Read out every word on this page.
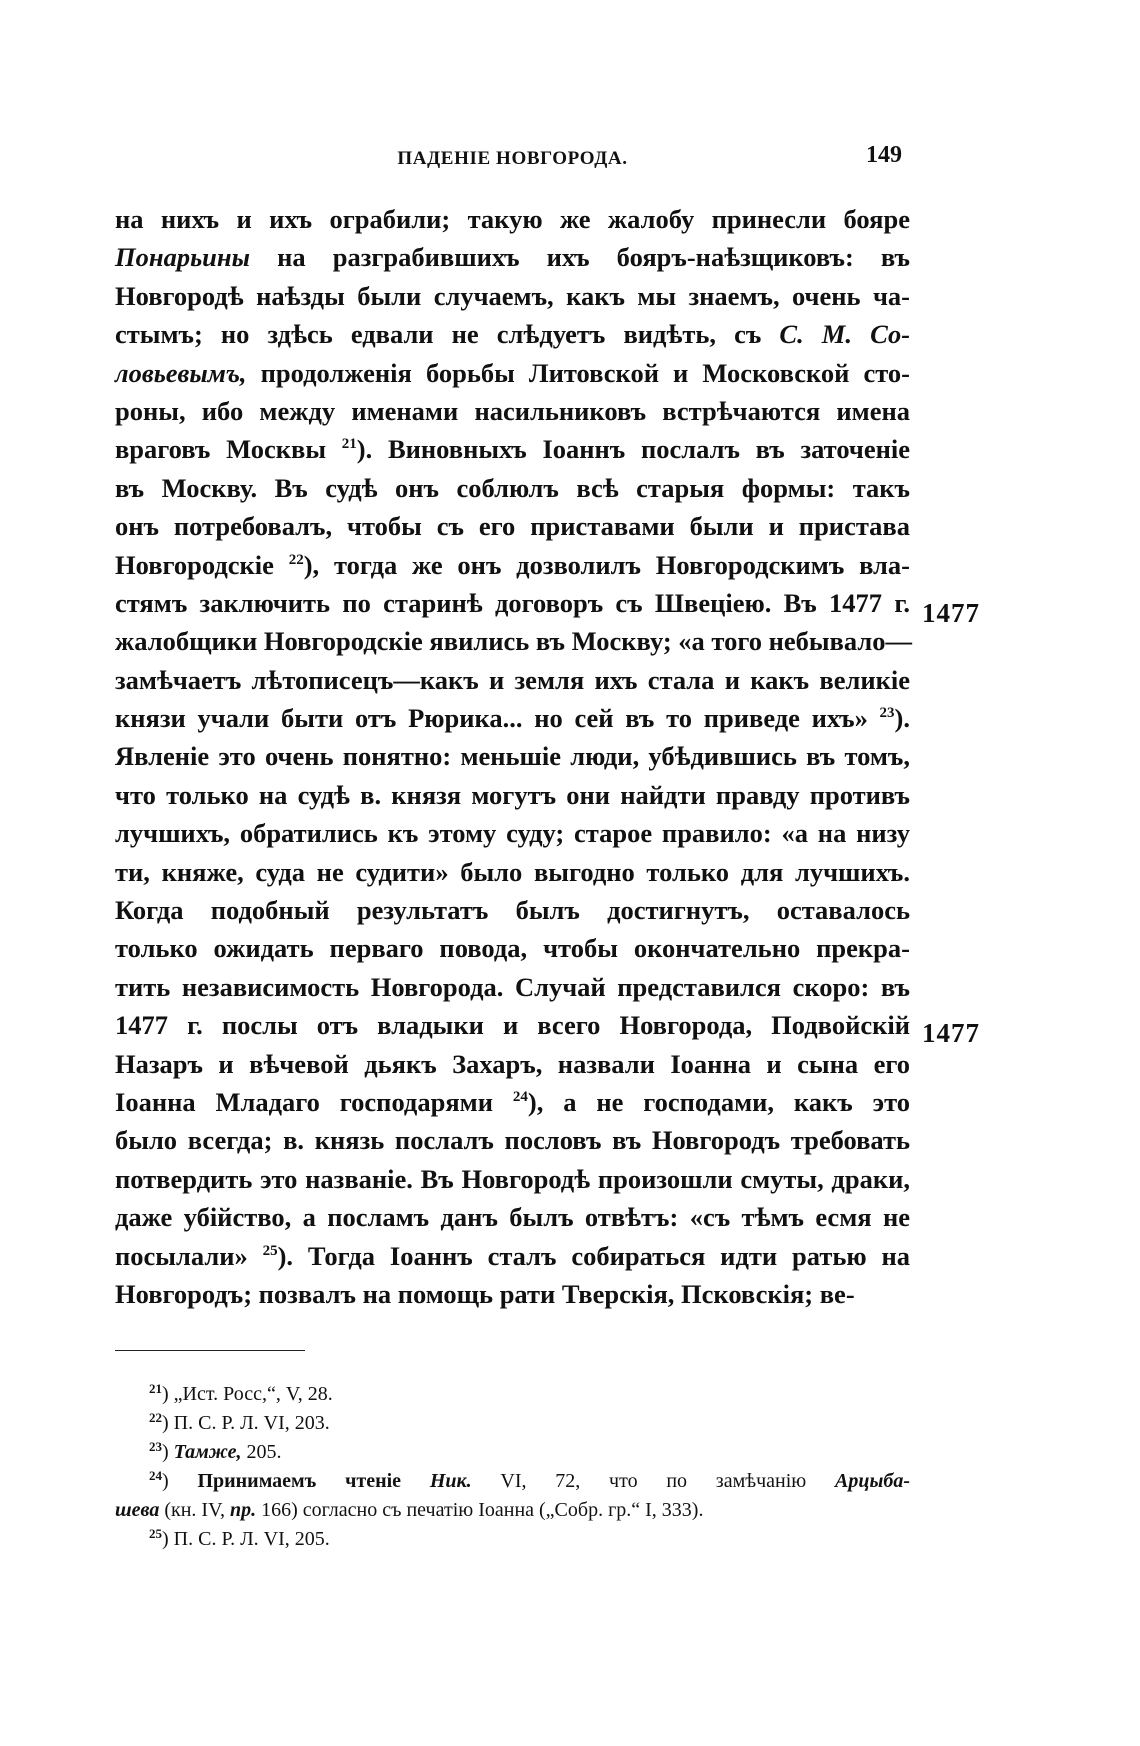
ПАДЕНІЕ НОВГОРОДА.	149
на нихъ и ихъ ограбили; такую же жалобу принесли бояре
Понарьины на разграбившихъ ихъ бояръ-наѣзщиковъ: въ
Новгородѣ наѣзды были случаемъ, какъ мы знаемъ, очень ча-
стымъ; но здѣсь едвали не слѣдуетъ видѣть, съ С. М. Со-
ловьевымъ, продолженія борьбы Литовской и Московской сто-
роны, ибо между именами насильниковъ встрѣчаются имена
враговъ Москвы $^{21}$). Виновныхъ Іоаннъ послалъ въ заточеніе
въ Москву. Въ судѣ онъ соблюлъ всѣ старыя формы: такъ
онъ потребовалъ, чтобы съ его приставами были и пристава
Новгородскіе $^{22}$), тогда же онъ дозволилъ Новгородскимъ вла-
стямъ заключить по старинѣ договоръ съ Швеціею. Въ 1477 г.
жалобщики Новгородскіе явились въ Москву; «а того небывало—
замѣчаетъ лѣтописецъ—какъ и земля ихъ стала и какъ великіе
князи учали быти отъ Рюрика... но сей въ то приведе ихъ» $^{23}$).
Явленіе это очень понятно: меньшіе люди, убѣдившись въ томъ,
что только на судѣ в. князя могутъ они найдти правду противъ
лучшихъ, обратились къ этому суду; старое правило: «а на низу
ти, княже, суда не судити» было выгодно только для лучшихъ.
Когда подобный результатъ былъ достигнутъ, оставалось
только ожидать перваго повода, чтобы окончательно прекра-
тить независимость Новгорода. Случай представился скоро: въ
1477 г. послы отъ владыки и всего Новгорода, Подвойскій
Назаръ и вѣчевой дьякъ Захаръ, назвали Іоанна и сына его
Іоанна Младаго господарями $^{24}$), а не господами, какъ это
было всегда; в. князь послалъ пословъ въ Новгородъ требовать
потвердить это названіе. Въ Новгородѣ произошли смуты, драки,
даже убійство, а посламъ данъ былъ отвѣтъ: «съ тѣмъ есмя не
посылали» $^{25}$). Тогда Іоаннъ сталъ собираться идти ратью на
Новгородъ; позвалъ на помощь рати Тверскія, Псковскія; ве-
1477
1477
$^{21}$) „Ист. Росс,“, V, 28.
$^{22}$) П. С. Р. Л. VI, 203.
$^{23}$) Тамже, 205.
$^{24}$) Принимаемъ чтеніе Ник. VI, 72, что по замѣчанію Арцыба-
шева (кн. IV, пр. 166) согласно съ печатію Іоанна („Собр. гр.“ I, 333).
$^{25}$) П. С. Р. Л. VI, 205.
